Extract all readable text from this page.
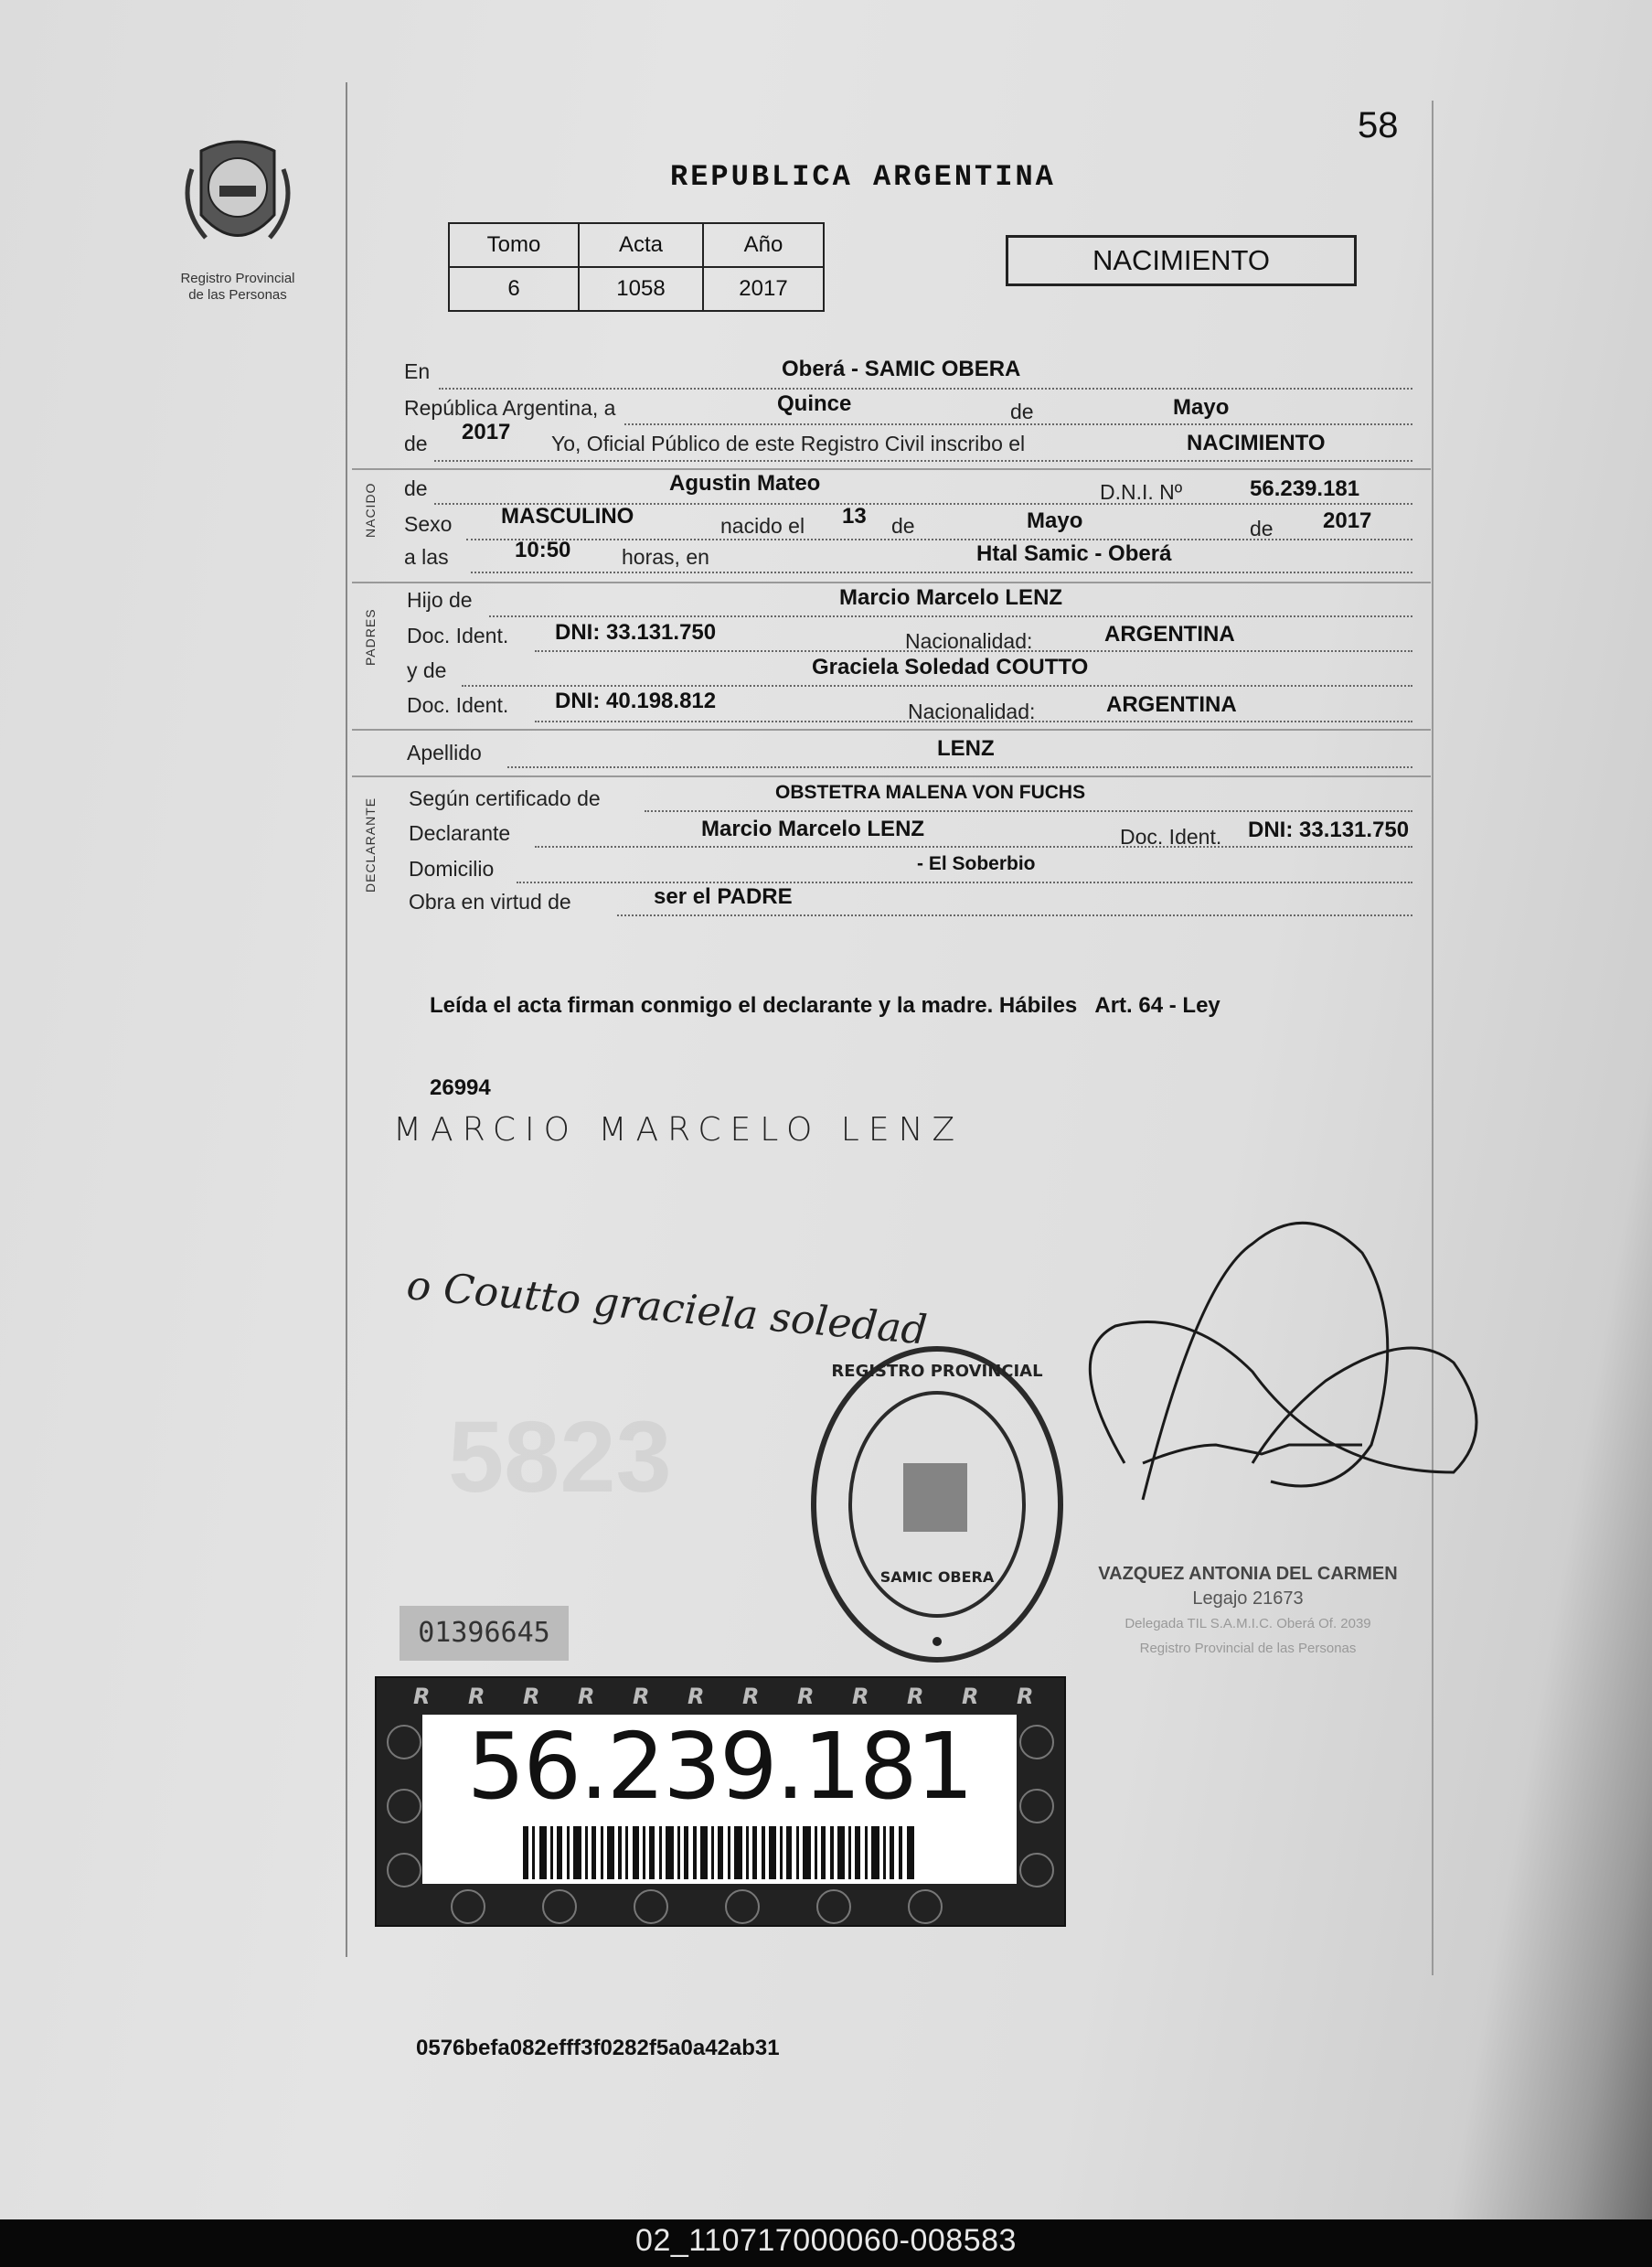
Registro Provincial
de las Personas
58
REPUBLICA ARGENTINA
Tomo	Acta	Año
6	1058	2017
NACIMIENTO
En	Oberá - SAMIC OBERA
República Argentina, a	Quince	de	Mayo
de 2017 Yo, Oficial Público de este Registro Civil inscribo el	NACIMIENTO
NACIDO de	Agustin Mateo	D.N.I. Nº	56.239.181
Sexo MASCULINO	nacido el 13 de	Mayo	de 2017
a las	10:50 horas, en	Htal Samic - Oberá
PADRES
Hijo de	Marcio Marcelo LENZ
Doc. Ident. DNI: 33.131.750	Nacionalidad:	ARGENTINA
y de	Graciela Soledad COUTTO
Doc. Ident. DNI: 40.198.812	Nacionalidad:	ARGENTINA
Apellido	LENZ
DECLARANTE Según certificado de	OBSTETRA MALENA VON FUCHS
Declarante	Marcio Marcelo LENZ	Doc. Ident. DNI: 33.131.750
Domicilio	- El Soberbio
Obra en virtud de	ser el PADRE

Leída el acta firman conmigo el declarante y la madre. Hábiles   Art. 64 - Ley

26994

MARCIO MARCELO LENZ
o Coutto graciela soledad
5823
REGISTRO PROVINCIAL
SAMIC OBERA	VAZQUEZ ANTONIA DEL CARMEN
Legajo 21673
Delegada TIL S.A.M.I.C. Oberá Of. 2039
Registro Provincial de las Personas
01396645
R R R R R R R R R R R R
56.239.181
0576befa082efff3f0282f5a0a42ab31
02_110717000060-008583
